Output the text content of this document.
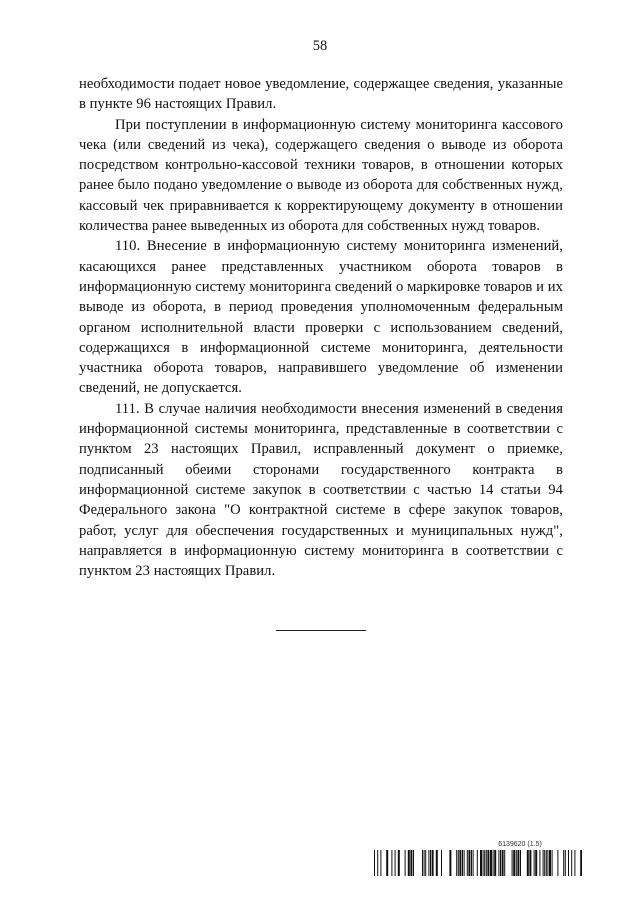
58

необходимости подает новое уведомление, содержащее сведения, указанные в пункте 96 настоящих Правил.

При поступлении в информационную систему мониторинга кассового чека (или сведений из чека), содержащего сведения о выводе из оборота посредством контрольно-кассовой техники товаров, в отношении которых ранее было подано уведомление о выводе из оборота для собственных нужд, кассовый чек приравнивается к корректирующему документу в отношении количества ранее выведенных из оборота для собственных нужд товаров.

110. Внесение в информационную систему мониторинга изменений, касающихся ранее представленных участником оборота товаров в информационную систему мониторинга сведений о маркировке товаров и их выводе из оборота, в период проведения уполномоченным федеральным органом исполнительной власти проверки с использованием сведений, содержащихся в информационной системе мониторинга, деятельности участника оборота товаров, направившего уведомление об изменении сведений, не допускается.

111. В случае наличия необходимости внесения изменений в сведения информационной системы мониторинга, представленные в соответствии с пунктом 23 настоящих Правил, исправленный документ о приемке, подписанный обеими сторонами государственного контракта в информационной системе закупок в соответствии с частью 14 статьи 94 Федерального закона "О контрактной системе в сфере закупок товаров, работ, услуг для обеспечения государственных и муниципальных нужд", направляется в информационную систему мониторинга в соответствии с пунктом 23 настоящих Правил.

6139620 (1.5)
